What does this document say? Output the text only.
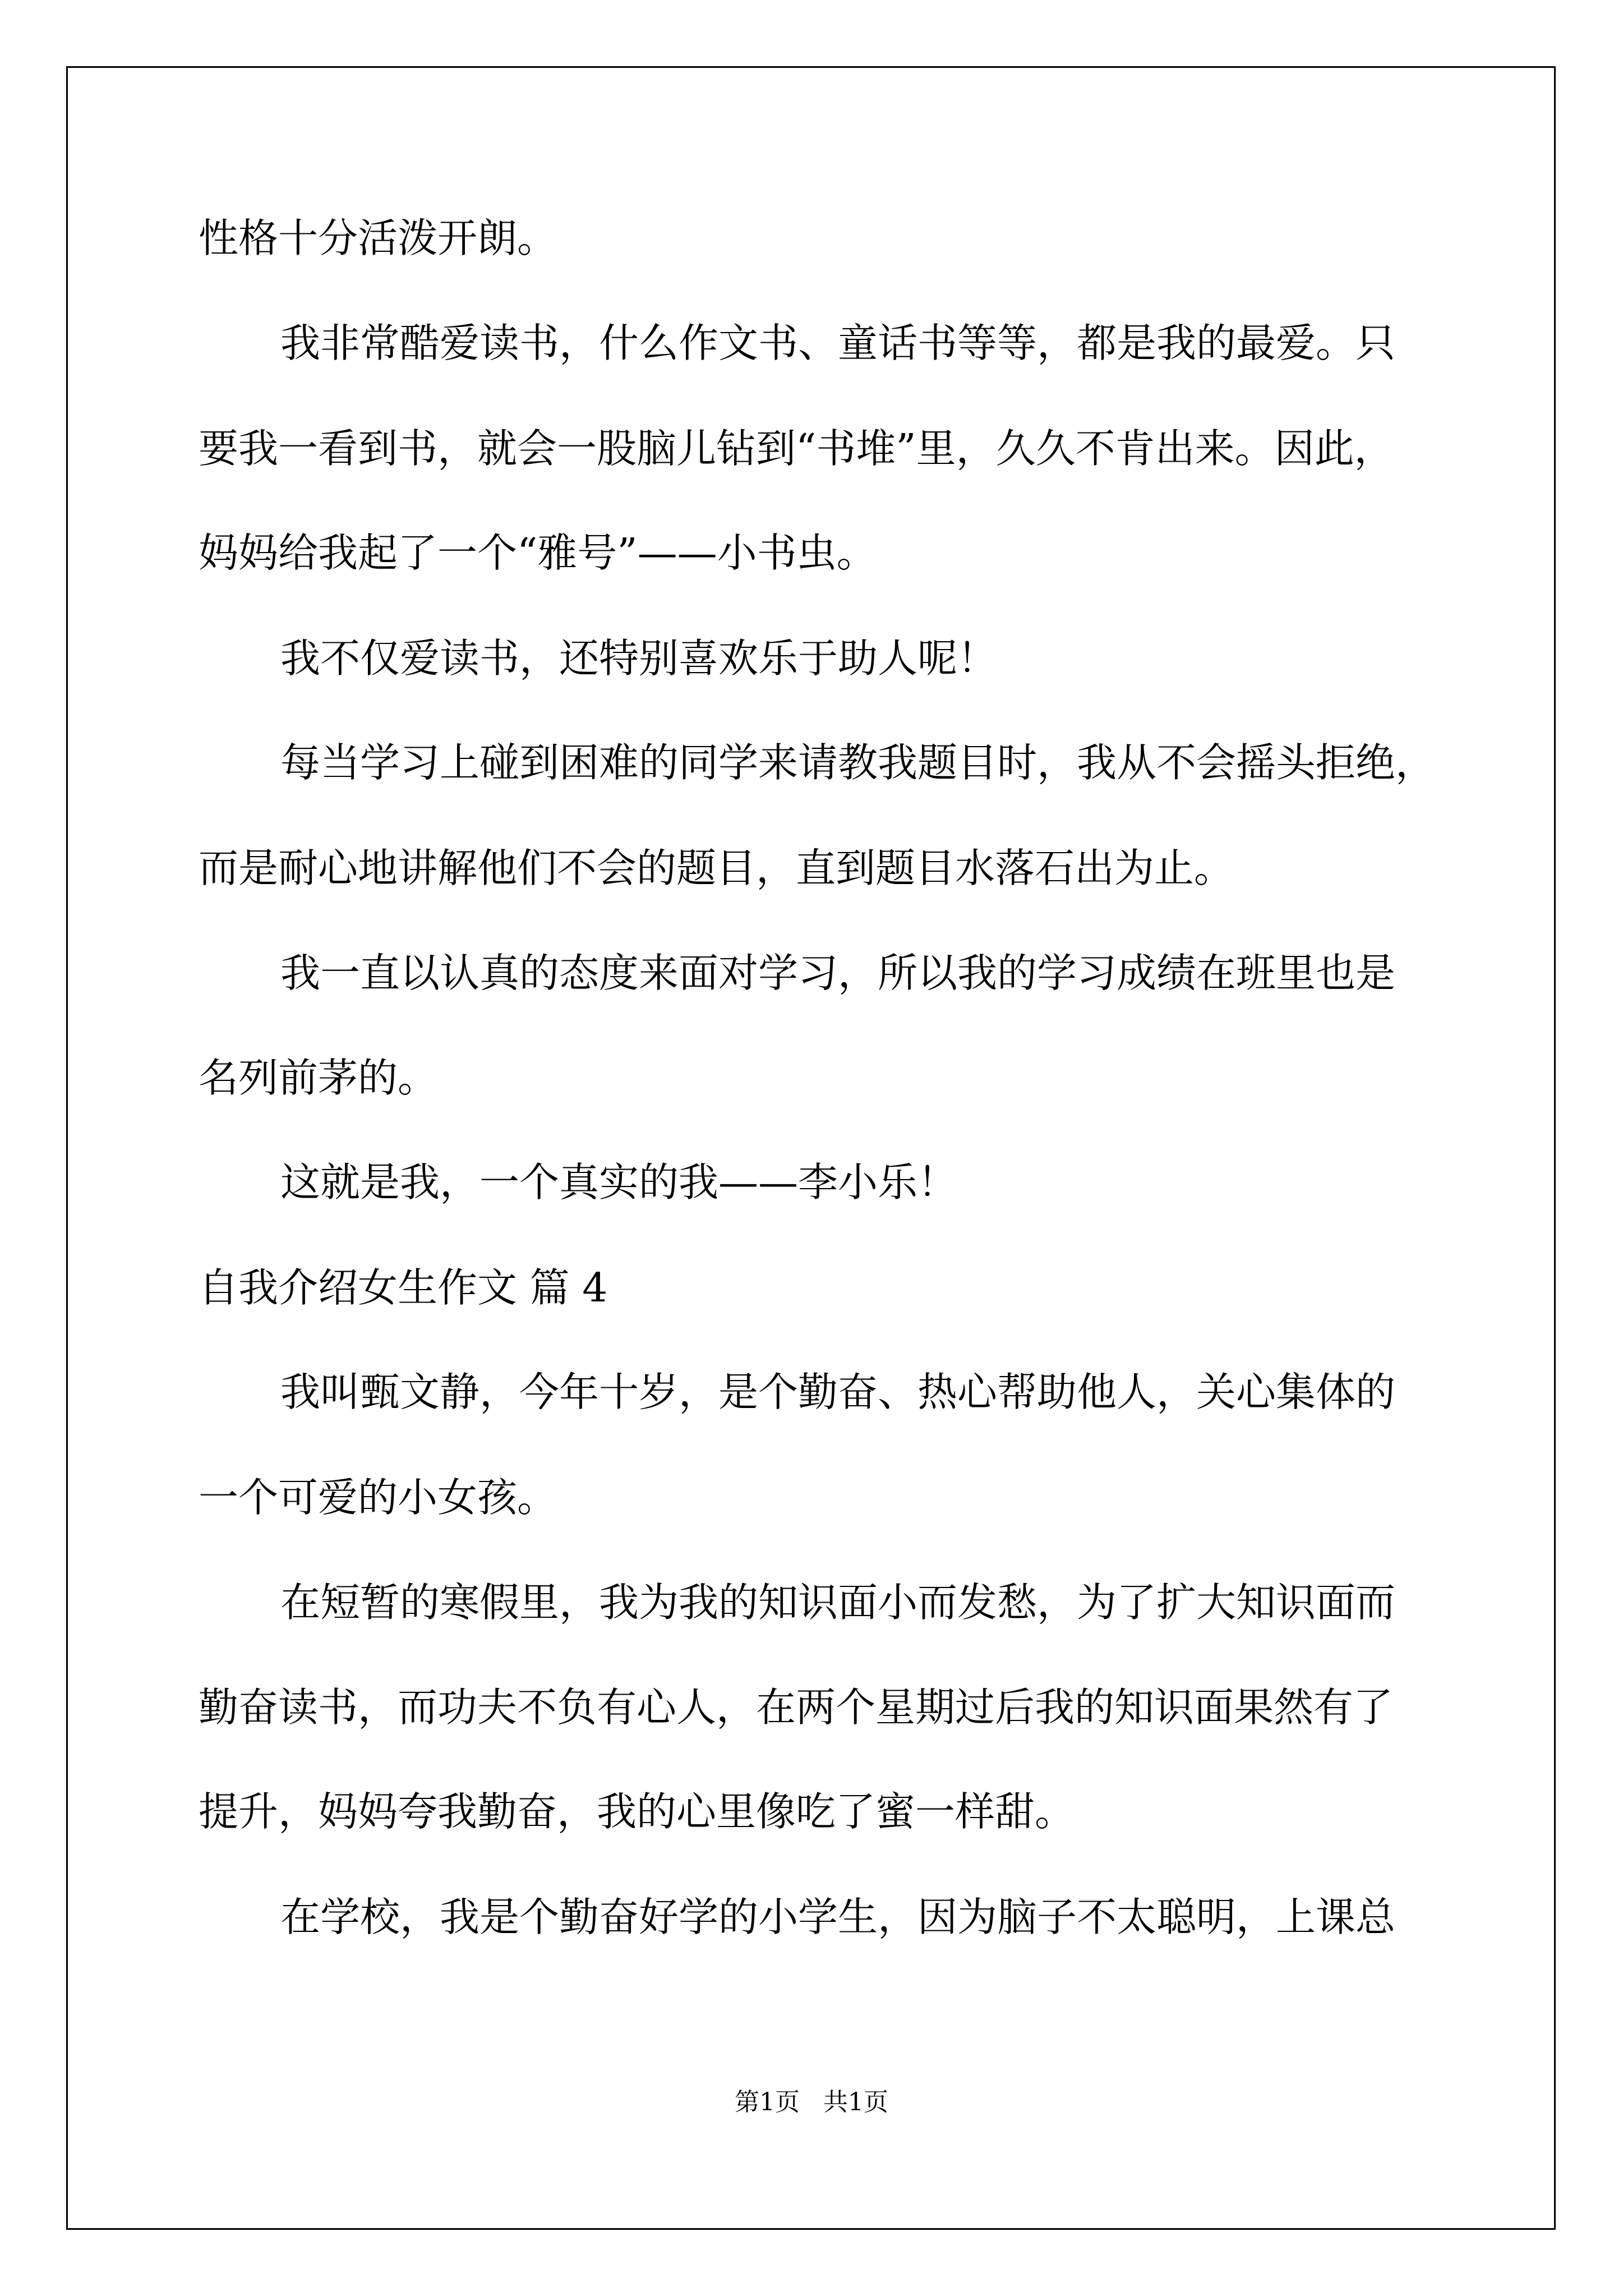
性格十分活泼开朗。

我非常酷爱读书，什么作文书、童话书等等，都是我的最爱。只

要我一看到书，就会一股脑儿钻到“书堆”里，久久不肯出来。因此，

妈妈给我起了一个“雅号”——小书虫。

我不仅爱读书，还特别喜欢乐于助人呢！

每当学习上碰到困难的同学来请教我题目时，我从不会摇头拒绝，

而是耐心地讲解他们不会的题目，直到题目水落石出为止。

我一直以认真的态度来面对学习，所以我的学习成绩在班里也是

名列前茅的。

这就是我，一个真实的我——李小乐！

自我介绍女生作文 篇 4

我叫甄文静，今年十岁，是个勤奋、热心帮助他人，关心集体的

一个可爱的小女孩。

在短暂的寒假里，我为我的知识面小而发愁，为了扩大知识面而

勤奋读书，而功夫不负有心人，在两个星期过后我的知识面果然有了

提升，妈妈夸我勤奋，我的心里像吃了蜜一样甜。

在学校，我是个勤奋好学的小学生，因为脑子不太聪明，上课总

第1页   共1页
